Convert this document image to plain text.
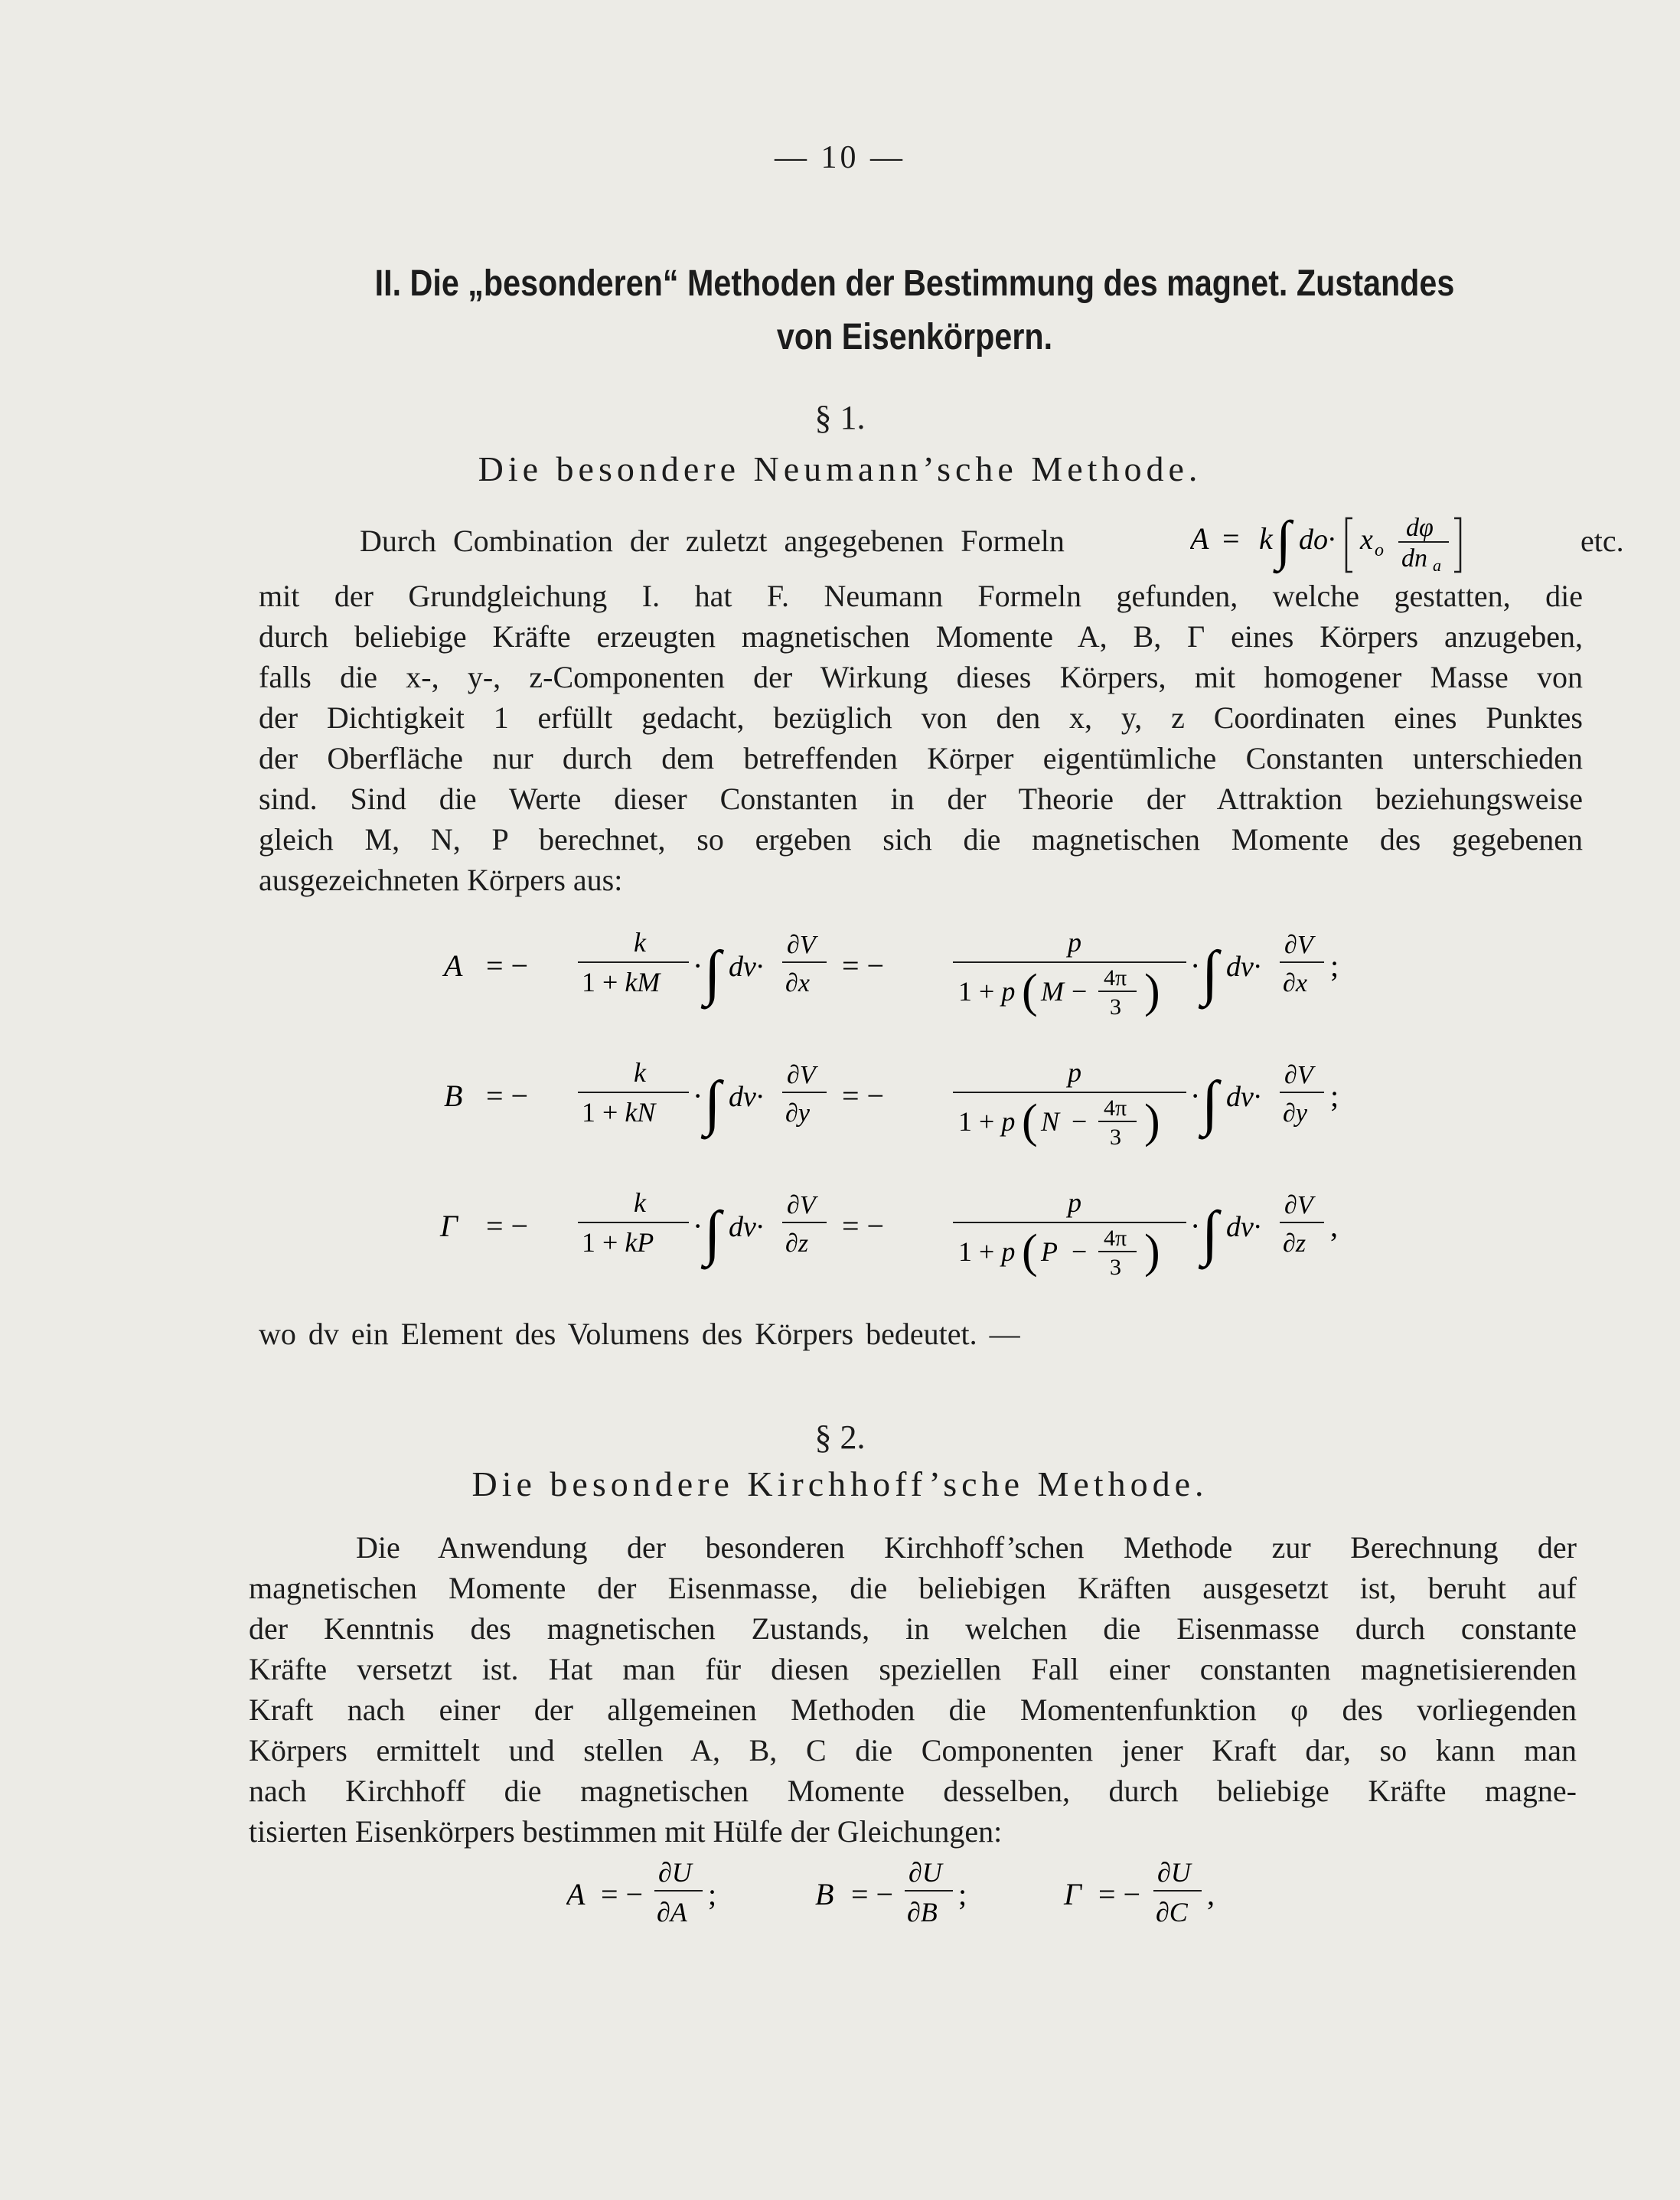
— 10 —
II. Die „besonderen“ Methoden der Bestimmung des magnet. Zustandes
von Eisenkörpern.
§ 1.
Die besondere Neumann’sche Methode.
Durch Combination der zuletzt angegebenen Formeln	A = k ∫ do· x o
dφ
dn a
etc.
mit der Grundgleichung I. hat F. Neumann Formeln gefunden, welche gestatten, die
durch beliebige Kräfte erzeugten magnetischen Momente A, B, Γ eines Körpers anzugeben,
falls die x-, y-, z-Componenten der Wirkung dieses Körpers, mit homogener Masse von
der Dichtigkeit 1 erfüllt gedacht, bezüglich von den x, y, z Coordinaten eines Punktes
der Oberfläche nur durch dem betreffenden Körper eigentümliche Constanten unterschieden
sind. Sind die Werte dieser Constanten in der Theorie der Attraktion beziehungsweise
gleich M, N, P berechnet, so ergeben sich die magnetischen Momente des gegebenen
ausgezeichneten Körpers aus:
A = −
k
1 + kM · ∫ dv·
∂V
∂x
= −
p
1 + p ( M − 4π
3 ) · ∫ dv·
∂V
∂x
;
B = −
k
1 + kN · ∫ dv·
∂V
∂y
= −
p
1 + p ( N − 4π
3 ) · ∫ dv·
∂V
∂y
;
Γ = −
k
1 + kP · ∫ dv·
∂V
∂z
= −
p
1 + p ( P − 4π
3 ) · ∫ dv·
∂V
∂z
,
wo dv ein Element des Volumens des Körpers bedeutet. —
§ 2.
Die besondere Kirchhoff’sche Methode.
Die Anwendung der besonderen Kirchhoff’schen Methode zur Berechnung der
magnetischen Momente der Eisenmasse, die beliebigen Kräften ausgesetzt ist, beruht auf
der Kenntnis des magnetischen Zustands, in welchen die Eisenmasse durch constante
Kräfte versetzt ist. Hat man für diesen speziellen Fall einer constanten magnetisierenden
Kraft nach einer der allgemeinen Methoden die Momentenfunktion φ des vorliegenden
Körpers ermittelt und stellen A, B, C die Componenten jener Kraft dar, so kann man
nach Kirchhoff die magnetischen Momente desselben, durch beliebige Kräfte magne-
tisierten Eisenkörpers bestimmen mit Hülfe der Gleichungen:
A = −
∂U
∂A
;	B = −
∂U
∂B
;	Γ = −
∂U
∂C
,
